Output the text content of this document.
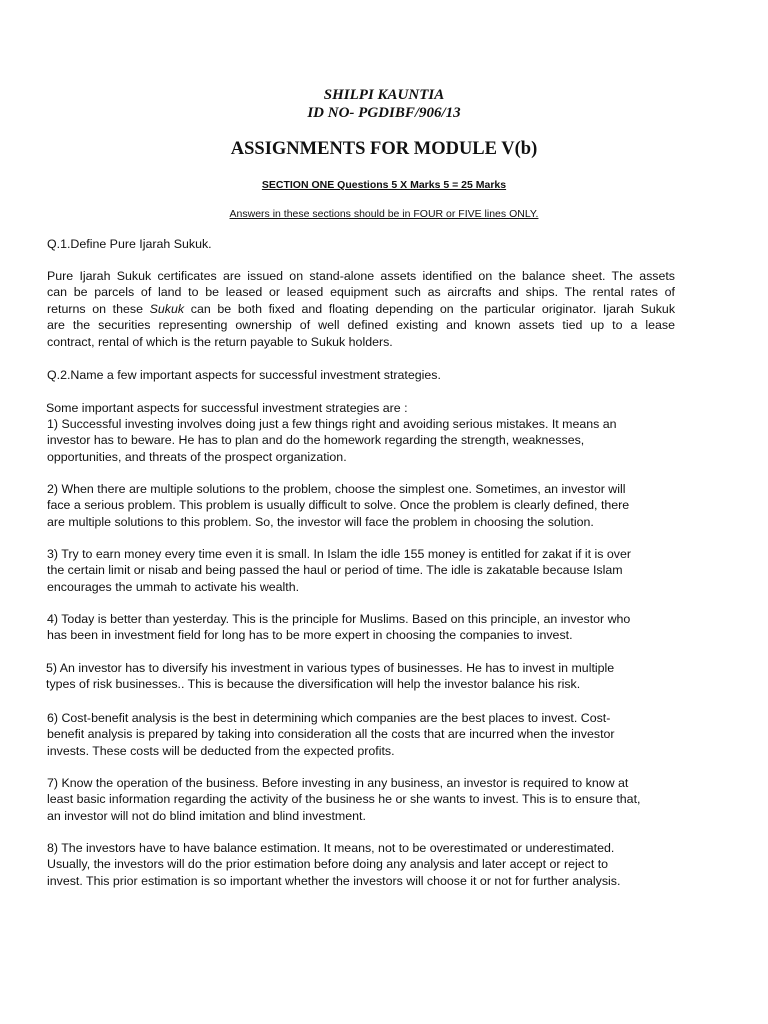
SHILPI KAUNTIA
ID NO- PGDIBF/906/13
ASSIGNMENTS FOR MODULE V(b)
SECTION ONE Questions 5 X Marks 5 = 25 Marks
Answers in these sections should be in FOUR or FIVE lines ONLY.

Q.1.Define Pure Ijarah Sukuk.

Pure Ijarah Sukuk certificates are issued on stand-alone assets identified on the balance sheet. The assets
can be parcels of land to be leased or leased equipment such as aircrafts and ships. The rental rates of
returns on these Sukuk can be both fixed and floating depending on the particular originator. Ijarah Sukuk
are the securities representing ownership of well defined existing and known assets tied up to a lease
contract, rental of which is the return payable to Sukuk holders.

Q.2.Name a few important aspects for successful investment strategies.

Some important aspects for successful investment strategies are :
1) Successful investing involves doing just a few things right and avoiding serious mistakes. It means an
investor has to beware. He has to plan and do the homework regarding the strength, weaknesses,
opportunities, and threats of the prospect organization.
2) When there are multiple solutions to the problem, choose the simplest one. Sometimes, an investor will
face a serious problem. This problem is usually difficult to solve. Once the problem is clearly defined, there
are multiple solutions to this problem. So, the investor will face the problem in choosing the solution.
3) Try to earn money every time even it is small. In Islam the idle 155 money is entitled for zakat if it is over
the certain limit or nisab and being passed the haul or period of time. The idle is zakatable because Islam
encourages the ummah to activate his wealth.
4) Today is better than yesterday. This is the principle for Muslims. Based on this principle, an investor who
has been in investment field for long has to be more expert in choosing the companies to invest.
5) An investor has to diversify his investment in various types of businesses. He has to invest in multiple
types of risk businesses.. This is because the diversification will help the investor balance his risk.
6) Cost-benefit analysis is the best in determining which companies are the best places to invest. Cost-
benefit analysis is prepared by taking into consideration all the costs that are incurred when the investor
invests. These costs will be deducted from the expected profits.
7) Know the operation of the business. Before investing in any business, an investor is required to know at
least basic information regarding the activity of the business he or she wants to invest. This is to ensure that,
an investor will not do blind imitation and blind investment.
8) The investors have to have balance estimation. It means, not to be overestimated or underestimated.
Usually, the investors will do the prior estimation before doing any analysis and later accept or reject to
invest. This prior estimation is so important whether the investors will choose it or not for further analysis.
